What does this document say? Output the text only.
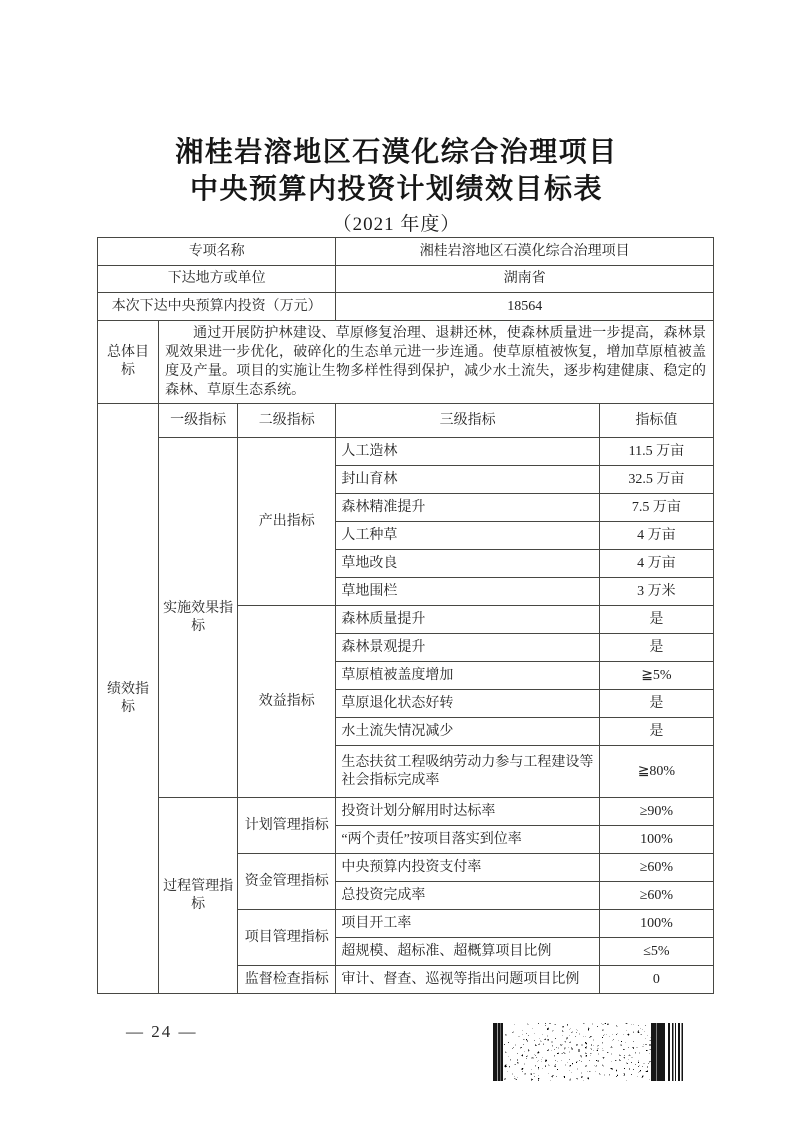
湘桂岩溶地区石漠化综合治理项目
中央预算内投资计划绩效目标表
（2021 年度）
专项名称			湘桂岩溶地区石漠化综合治理项目	
下达地方或单位			湖南省	
本次下达中央预算内投资（万元）			18564	
总体目标	通过开展防护林建设、草原修复治理、退耕还林，使森林质量进一步提高，森林景观效果进一步优化，破碎化的生态单元进一步连通。使草原植被恢复，增加草原植被盖度及产量。项目的实施让生物多样性得到保护，减少水土流失，逐步构建健康、稳定的森林、草原生态系统。			
绩效指标	一级指标	二级指标	三级指标	指标值
	实施效果指标	产出指标	人工造林	11.5 万亩
			封山育林	32.5 万亩
			森林精准提升	7.5 万亩
			人工种草	4 万亩
			草地改良	4 万亩
			草地围栏	3 万米
		效益指标	森林质量提升	是
			森林景观提升	是
			草原植被盖度增加	≧5%
			草原退化状态好转	是
			水土流失情况减少	是
			生态扶贫工程吸纳劳动力参与工程建设等社会指标完成率	≧80%
	过程管理指标	计划管理指标	投资计划分解用时达标率	≥90%
			“两个责任”按项目落实到位率	100%
		资金管理指标	中央预算内投资支付率	≥60%
			总投资完成率	≥60%
		项目管理指标	项目开工率	100%
			超规模、超标准、超概算项目比例	≤5%
		监督检查指标	审计、督查、巡视等指出问题项目比例	0
— 24 —
